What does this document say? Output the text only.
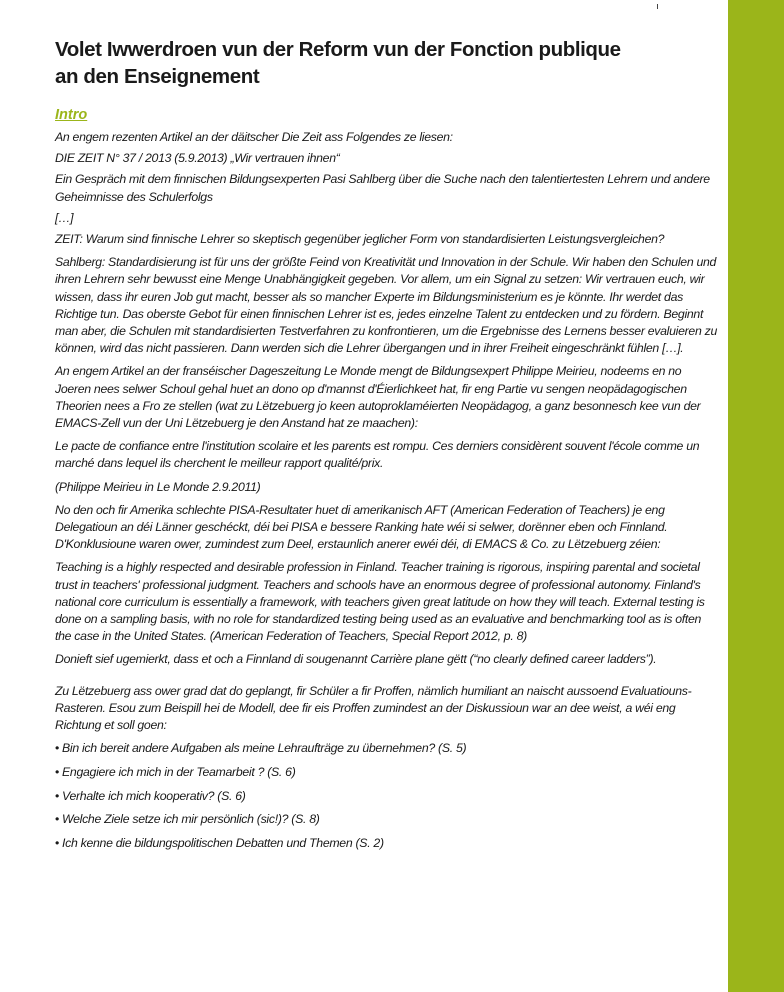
Volet Iwwerdroen vun der Reform vun der Fonction publique
an den Enseignement
Intro

An engem rezenten Artikel an der däitscher Die Zeit ass Folgendes ze liesen:

DIE ZEIT N° 37 / 2013 (5.9.2013) „Wir vertrauen ihnen“

Ein Gespräch mit dem finnischen Bildungsexperten Pasi Sahlberg über die Suche nach den talentiertesten Lehrern und andere Geheimnisse des Schulerfolgs

[…]

ZEIT: Warum sind finnische Lehrer so skeptisch gegenüber jeglicher Form von standardisierten Leistungsvergleichen?

Sahlberg: Standardisierung ist für uns der größte Feind von Kreativität und Innovation in der Schule. Wir haben den Schulen und ihren Lehrern sehr bewusst eine Menge Unabhängigkeit gegeben. Vor allem, um ein Signal zu setzen: Wir vertrauen euch, wir wissen, dass ihr euren Job gut macht, besser als so mancher Experte im Bildungsministerium es je könnte. Ihr werdet das Richtige tun. Das oberste Gebot für einen finnischen Lehrer ist es, jedes einzelne Talent zu entdecken und zu fördern. Beginnt man aber, die Schulen mit standardisierten Testverfahren zu konfrontieren, um die Ergebnisse des Lernens besser evaluieren zu können, wird das nicht passieren. Dann werden sich die Lehrer übergangen und in ihrer Freiheit eingeschränkt fühlen […].

An engem Artikel an der franséischer Dageszeitung Le Monde mengt de Bildungsexpert Philippe Meirieu, nodeems en no Joeren nees selwer Schoul gehal huet an dono op d'mannst d'Éierlichkeet hat, fir eng Partie vu sengen neopädagogischen Theorien nees a Fro ze stellen (wat zu Lëtzebuerg jo keen autoproklaméierten Neopädagog, a ganz besonnesch kee vun der EMACS-Zell vun der Uni Lëtzebuerg je den Anstand hat ze maachen):

Le pacte de confiance entre l'institution scolaire et les parents est rompu. Ces derniers considèrent souvent l'école comme un marché dans lequel ils cherchent le meilleur rapport qualité/prix.

(Philippe Meirieu in Le Monde 2.9.2011)

No den och fir Amerika schlechte PISA-Resultater huet di amerikanisch AFT (American Federation of Teachers) je eng Delegatioun an déi Länner geschéckt, déi bei PISA e bessere Ranking hate wéi si selwer, dorënner eben och Finnland. D'Konklusioune waren ower, zumindest zum Deel, erstaunlich anerer ewéi déi, di EMACS & Co. zu Lëtzebuerg zéien:

Teaching is a highly respected and desirable profession in Finland. Teacher training is rigorous, inspiring parental and societal trust in teachers' professional judgment. Teachers and schools have an enormous degree of professional autonomy. Finland's national core curriculum is essentially a framework, with teachers given great latitude on how they will teach. External testing is done on a sampling basis, with no role for standardized testing being used as an evaluative and benchmarking tool as is often the case in the United States. (American Federation of Teachers, Special Report 2012, p. 8)

Donieft sief ugemierkt, dass et och a Finnland di sougenannt Carrière plane gëtt (“no clearly defined career ladders”).

Zu Lëtzebuerg ass ower grad dat do geplangt, fir Schüler a fir Proffen, nämlich humiliant an naischt aussoend Evaluatiouns-Rasteren. Esou zum Beispill hei de Modell, dee fir eis Proffen zumindest an der Diskussioun war an dee weist, a wéi eng Richtung et soll goen:

• Bin ich bereit andere Aufgaben als meine Lehraufträge zu übernehmen? (S. 5)
• Engagiere ich mich in der Teamarbeit ? (S. 6)
• Verhalte ich mich kooperativ? (S. 6)
• Welche Ziele setze ich mir persönlich (sic!)? (S. 8)
• Ich kenne die bildungspolitischen Debatten und Themen (S. 2)
